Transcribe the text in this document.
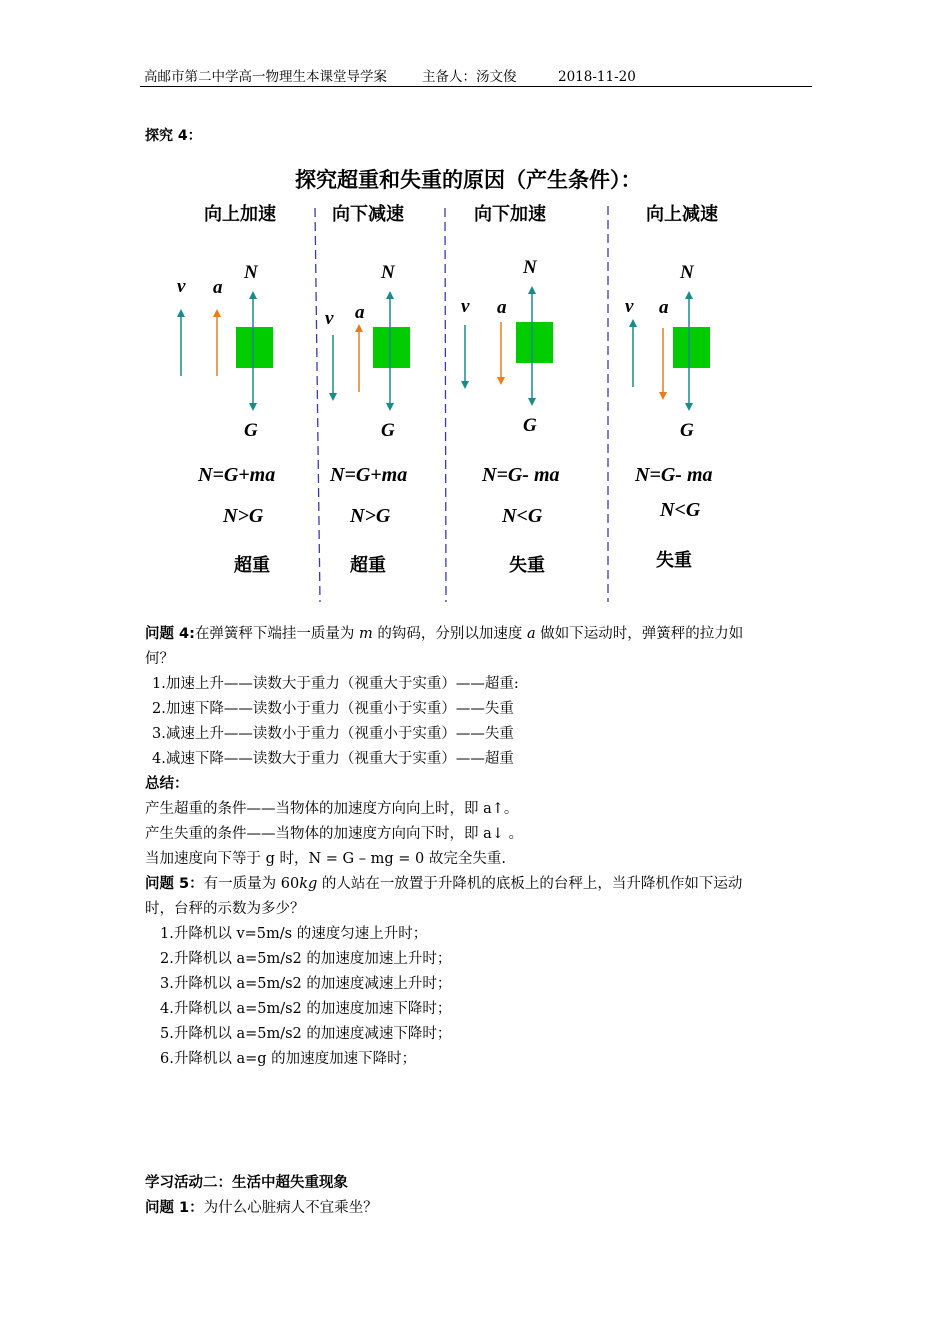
高邮市第二中学高一物理生本课堂导学案	主备人：汤文俊	2018-11-20
探究 4：
探究超重和失重的原因（产生条件）：
向上加速	向下减速	向下加速	向上减速
v a
N
G
v a
N
G
v a
N
G
v a
N
G
N=G+ma	N=G+ma	N=G- ma	N=G- ma
N>G	N>G	N<G	N<G
超重	超重	失重	失重
问题 4:在弹簧秤下端挂一质量为 m 的钩码，分别以加速度 a 做如下运动时，弹簧秤的拉力如
何？
1.加速上升——读数大于重力（视重大于实重）——超重:
2.加速下降——读数小于重力（视重小于实重）——失重
3.减速上升——读数小于重力（视重小于实重）——失重
4.减速下降——读数大于重力（视重大于实重）——超重
总结：
产生超重的条件——当物体的加速度方向向上时，即 a↑。
产生失重的条件——当物体的加速度方向向下时，即 a↓ 。
当加速度向下等于 g 时，N = G – mg = 0 故完全失重.
问题 5：有一质量为 60kg 的人站在一放置于升降机的底板上的台秤上，当升降机作如下运动
时，台秤的示数为多少？
1.升降机以 v=5m/s 的速度匀速上升时；
2.升降机以 a=5m/s2 的加速度加速上升时；
3.升降机以 a=5m/s2 的加速度减速上升时；
4.升降机以 a=5m/s2 的加速度加速下降时；
5.升降机以 a=5m/s2 的加速度减速下降时；
6.升降机以 a=g 的加速度加速下降时；
学习活动二：生活中超失重现象
问题 1：为什么心脏病人不宜乘坐？
